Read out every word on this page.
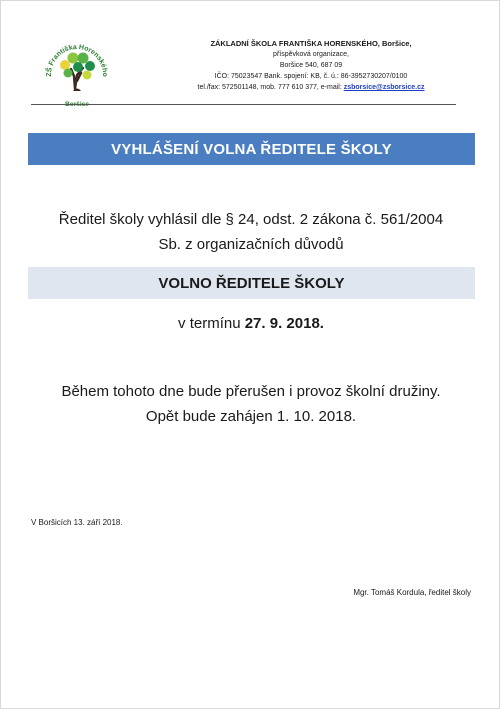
ZŠ Františka Horenského
Boršice
ZÁKLADNÍ ŠKOLA FRANTIŠKA HORENSKÉHO, Boršice,
příspěvková organizace,
Boršice 540, 687 09
IČO: 75023547 Bank. spojení: KB, č. ú.: 86-3952730207/0100
tel./fax: 572501148, mob. 777 610 377, e-mail: zsborsice@zsborsice.cz
VYHLÁŠENÍ VOLNA ŘEDITELE ŠKOLY
Ředitel školy vyhlásil dle § 24, odst. 2 zákona č. 561/2004
Sb. z organizačních důvodů
VOLNO ŘEDITELE ŠKOLY
v termínu 27. 9. 2018.
Během tohoto dne bude přerušen i provoz školní družiny.
Opět bude zahájen 1. 10. 2018.
V Boršicích 13. září 2018.
Mgr. Tomáš Kordula, ředitel školy
